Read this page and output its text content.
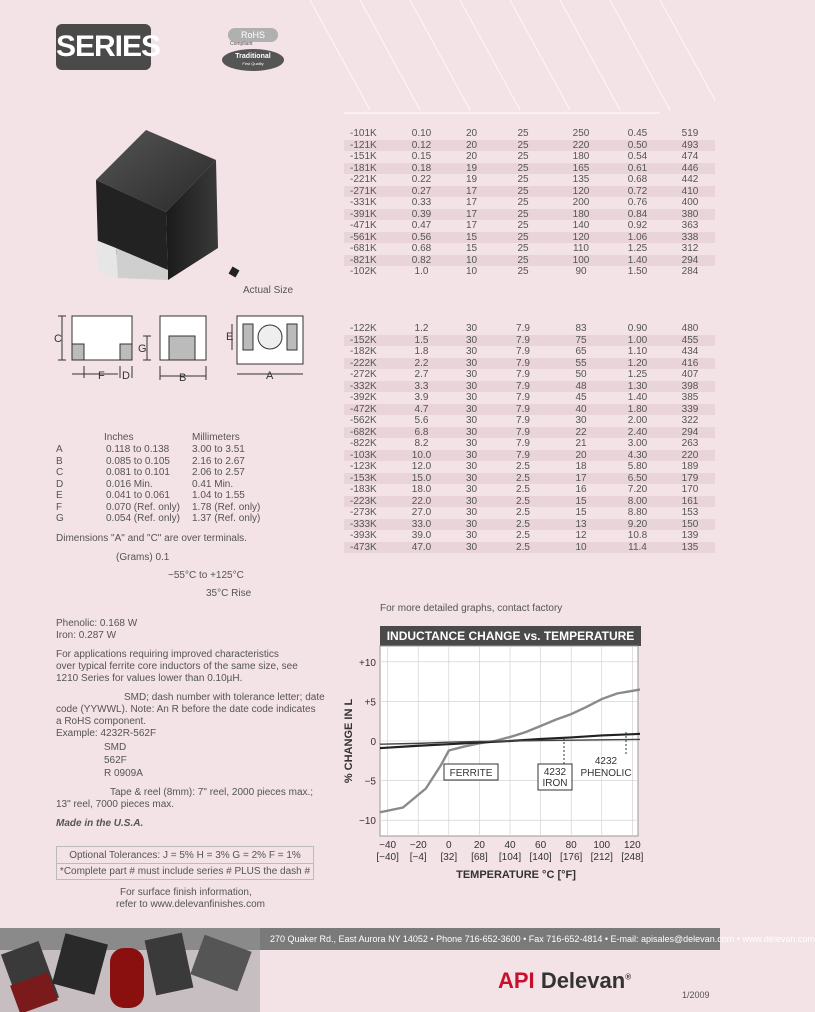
SERIES	RoHS
Compliant
Traditional
First Quality
Actual Size
-101K	0.10	20	25	250	0.45	519
-121K	0.12	20	25	220	0.50	493
-151K	0.15	20	25	180	0.54	474
-181K	0.18	19	25	165	0.61	446
-221K	0.22	19	25	135	0.68	442
-271K	0.27	17	25	120	0.72	410
-331K	0.33	17	25	200	0.76	400
-391K	0.39	17	25	180	0.84	380
-471K	0.47	17	25	140	0.92	363
-561K	0.56	15	25	120	1.06	338
-681K	0.68	15	25	110	1.25	312
-821K	0.82	10	25	100	1.40	294
-102K	1.0	10	25	90	1.50	284
-122K	1.2	30	7.9	83	0.90	480
-152K	1.5	30	7.9	75	1.00	455
-182K	1.8	30	7.9	65	1.10	434
-222K	2.2	30	7.9	55	1.20	416
-272K	2.7	30	7.9	50	1.25	407
-332K	3.3	30	7.9	48	1.30	398
-392K	3.9	30	7.9	45	1.40	385
-472K	4.7	30	7.9	40	1.80	339
-562K	5.6	30	7.9	30	2.00	322
-682K	6.8	30	7.9	22	2.40	294
-822K	8.2	30	7.9	21	3.00	263
-103K	10.0	30	7.9	20	4.30	220
-123K	12.0	30	2.5	18	5.80	189
-153K	15.0	30	2.5	17	6.50	179
-183K	18.0	30	2.5	16	7.20	170
-223K	22.0	30	2.5	15	8.00	161
-273K	27.0	30	2.5	15	8.80	153
-333K	33.0	30	2.5	13	9.20	150
-393K	39.0	30	2.5	12	10.8	139
-473K	47.0	30	2.5	10	11.4	135
C
G
E
F D	B	A
Inches	Millimeters
A	0.118 to 0.138	3.00 to 3.51
B	0.085 to 0.105	2.16 to 2.67
C	0.081 to 0.101	2.06 to 2.57
D	0.016 Min.	0.41 Min.
E	0.041 to 0.061	1.04 to 1.55
F	0.070 (Ref. only)	1.78 (Ref. only)
G	0.054 (Ref. only)	1.37 (Ref. only)
Dimensions "A" and "C" are over terminals.
(Grams) 0.1
−55°C to +125°C
35°C Rise
Phenolic: 0.168 W
Iron: 0.287 W
For applications requiring improved characteristics
over typical ferrite core inductors of the same size, see
1210 Series for values lower than 0.10µH.
SMD; dash number with tolerance letter; date
code (YYWWL). Note: An R before the date code indicates
a RoHS component.
Example: 4232R-562F
SMD
562F
R 0909A
Tape & reel (8mm): 7" reel, 2000 pieces max.;
13" reel, 7000 pieces max.
Made in the U.S.A.
Optional Tolerances: J = 5% H = 3% G = 2% F = 1%
*Complete part # must include series # PLUS the dash #
For surface finish information,
refer to www.delevanfinishes.com
For more detailed graphs, contact factory
INDUCTANCE CHANGE vs. TEMPERATURE
+10
+5
0
−5
−10
−40 −20 0 20 40 60 80 100 120
[−40] [−4] [32] [68] [104] [140] [176] [212] [248]
TEMPERATURE °C [°F]
% CHANGE IN L	FERRITE	4232
IRON
4232
PHENOLIC
270 Quaker Rd., East Aurora NY 14052 • Phone 716-652-3600 • Fax 716-652-4814 • E-mail: apisales@delevan.com • www.delevan.com
API Delevan®
1/2009
